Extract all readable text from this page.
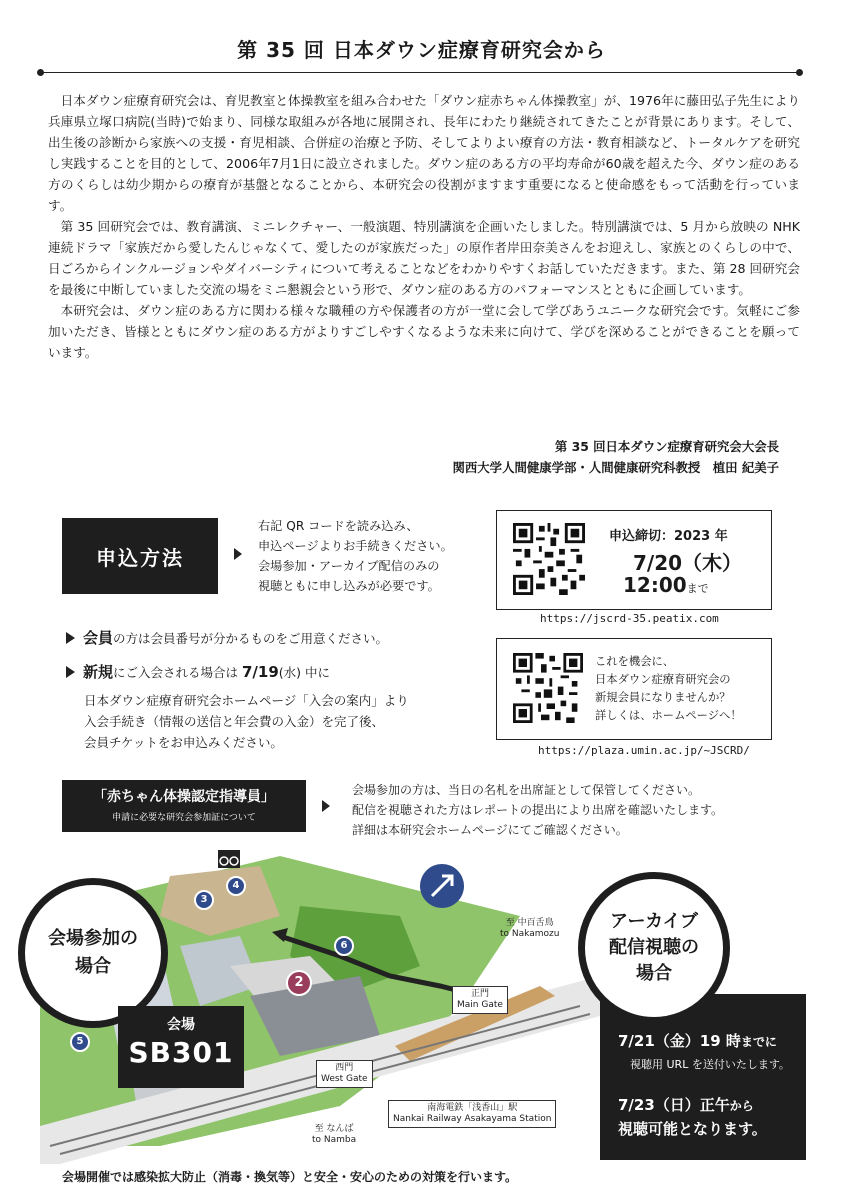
第 35 回 日本ダウン症療育研究会から

日本ダウン症療育研究会は、育児教室と体操教室を組み合わせた「ダウン症赤ちゃん体操教室」が、1976年に藤田弘子先生により兵庫県立塚口病院(当時)で始まり、同様な取組みが各地に展開され、長年にわたり継続されてきたことが背景にあります。そして、出生後の診断から家族への支援・育児相談、合併症の治療と予防、そしてよりよい療育の方法・教育相談など、トータルケアを研究し実践することを目的として、2006年7月1日に設立されました。ダウン症のある方の平均寿命が60歳を超えた今、ダウン症のある方のくらしは幼少期からの療育が基盤となることから、本研究会の役割がますます重要になると使命感をもって活動を行っています。

第 35 回研究会では、教育講演、ミニレクチャー、一般演題、特別講演を企画いたしました。特別講演では、5 月から放映の NHK 連続ドラマ「家族だから愛したんじゃなくて、愛したのが家族だった」の原作者岸田奈美さんをお迎えし、家族とのくらしの中で、日ごろからインクルージョンやダイバーシティについて考えることなどをわかりやすくお話していただきます。また、第 28 回研究会を最後に中断していました交流の場をミニ懇親会という形で、ダウン症のある方のパフォーマンスとともに企画しています。

本研究会は、ダウン症のある方に関わる様々な職種の方や保護者の方が一堂に会して学びあうユニークな研究会です。気軽にご参加いただき、皆様とともにダウン症のある方がよりすごしやすくなるような未来に向けて、学びを深めることができることを願っています。

第 35 回日本ダウン症療育研究会大会長
関西大学人間健康学部・人間健康研究科教授　植田 紀美子
申込方法
右記 QR コードを読み込み、
申込ページよりお手続きください。
会場参加・アーカイブ配信のみの
視聴ともに申し込みが必要です。
申込締切：2023 年
7/20（木）
12:00まで
https://jscrd-35.peatix.com
会員の方は会員番号が分かるものをご用意ください。
新規にご入会される場合は 7/19(水) 中に
日本ダウン症療育研究会ホームページ「入会の案内」より
入会手続き（情報の送信と年会費の入金）を完了後、
会員チケットをお申込みください。
これを機会に、
日本ダウン症療育研究会の
新規会員になりませんか？
詳しくは、ホームページへ！
https://plaza.umin.ac.jp/~JSCRD/
「赤ちゃん体操認定指導員」
申請に必要な研究会参加証について
会場参加の方は、当日の名札を出席証として保管してください。
配信を視聴された方はレポートの提出により出席を確認いたします。
詳細は本研究会ホームページにてご確認ください。
至 中百舌鳥
to Nakamozu
正門
Main Gate
西門
West Gate
南海電鉄「浅香山」駅
Nankai Railway Asakayama Station
至 なんば
to Namba
2
3
4
5
6
会場参加の
場合
会場
SB301	7/21（金）19 時までに
視聴用 URL を送付いたします。
7/23（日）正午から
視聴可能となります。
アーカイブ
配信視聴の
場合
会場開催では感染拡大防止（消毒・換気等）と安全・安心のための対策を行います。
